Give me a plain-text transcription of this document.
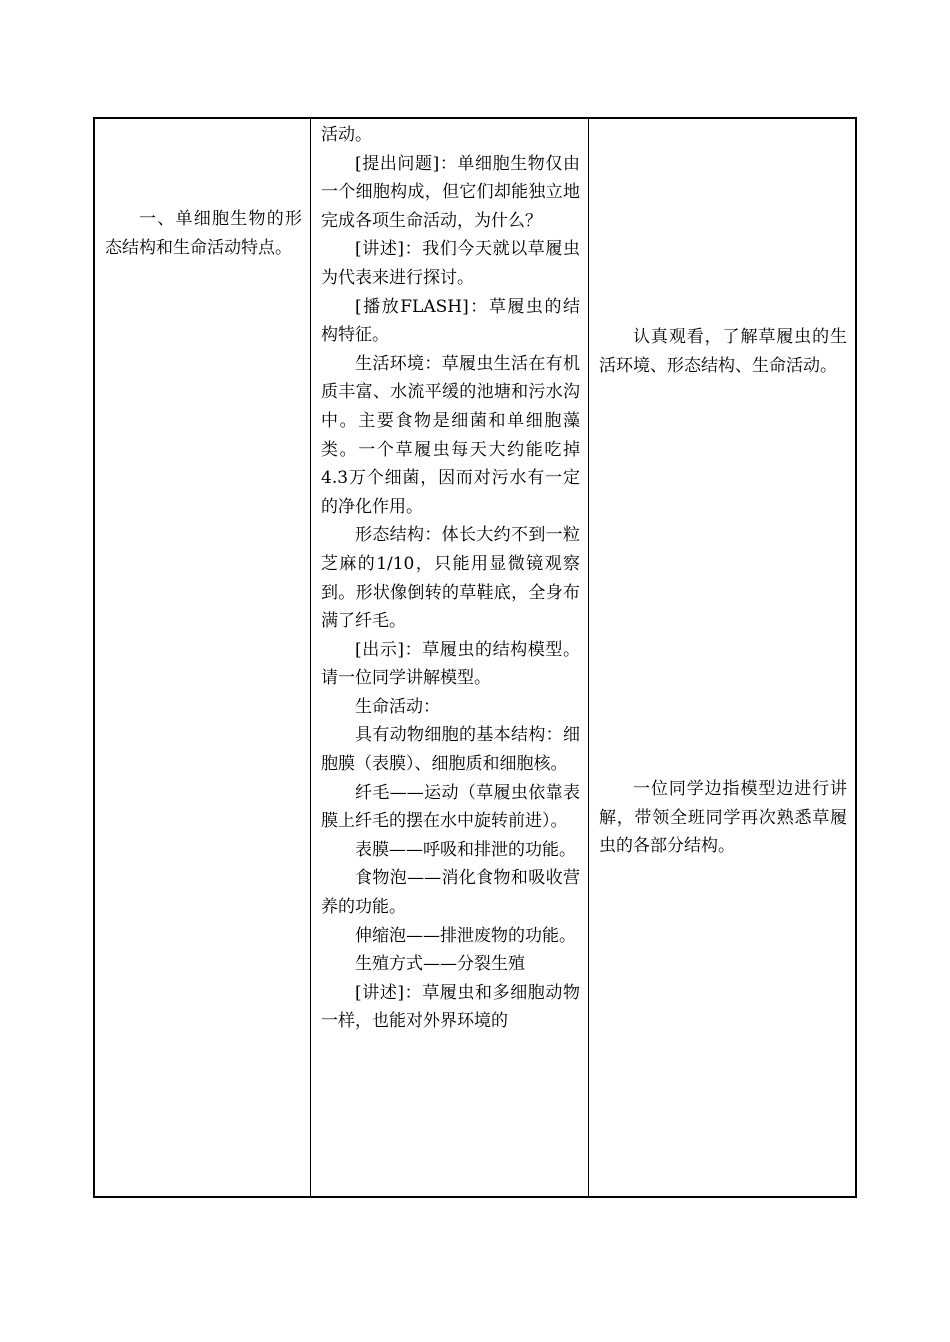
一、单细胞生物的形态结构和生命活动特点。

活动。

[提出问题]：单细胞生物仅由一个细胞构成，但它们却能独立地完成各项生命活动，为什么？

[讲述]：我们今天就以草履虫为代表来进行探讨。

[播放FLASH]：草履虫的结构特征。

生活环境：草履虫生活在有机质丰富、水流平缓的池塘和污水沟中。主要食物是细菌和单细胞藻类。一个草履虫每天大约能吃掉4.3万个细菌，因而对污水有一定的净化作用。

形态结构：体长大约不到一粒芝麻的1/10，只能用显微镜观察到。形状像倒转的草鞋底，全身布满了纤毛。

[出示]：草履虫的结构模型。请一位同学讲解模型。

生命活动：

具有动物细胞的基本结构：细胞膜（表膜）、细胞质和细胞核。

纤毛——运动（草履虫依靠表膜上纤毛的摆在水中旋转前进）。

表膜——呼吸和排泄的功能。

食物泡——消化食物和吸收营养的功能。

伸缩泡——排泄废物的功能。

生殖方式——分裂生殖

[讲述]：草履虫和多细胞动物一样，也能对外界环境的

认真观看，了解草履虫的生活环境、形态结构、生命活动。

一位同学边指模型边进行讲解，带领全班同学再次熟悉草履虫的各部分结构。
